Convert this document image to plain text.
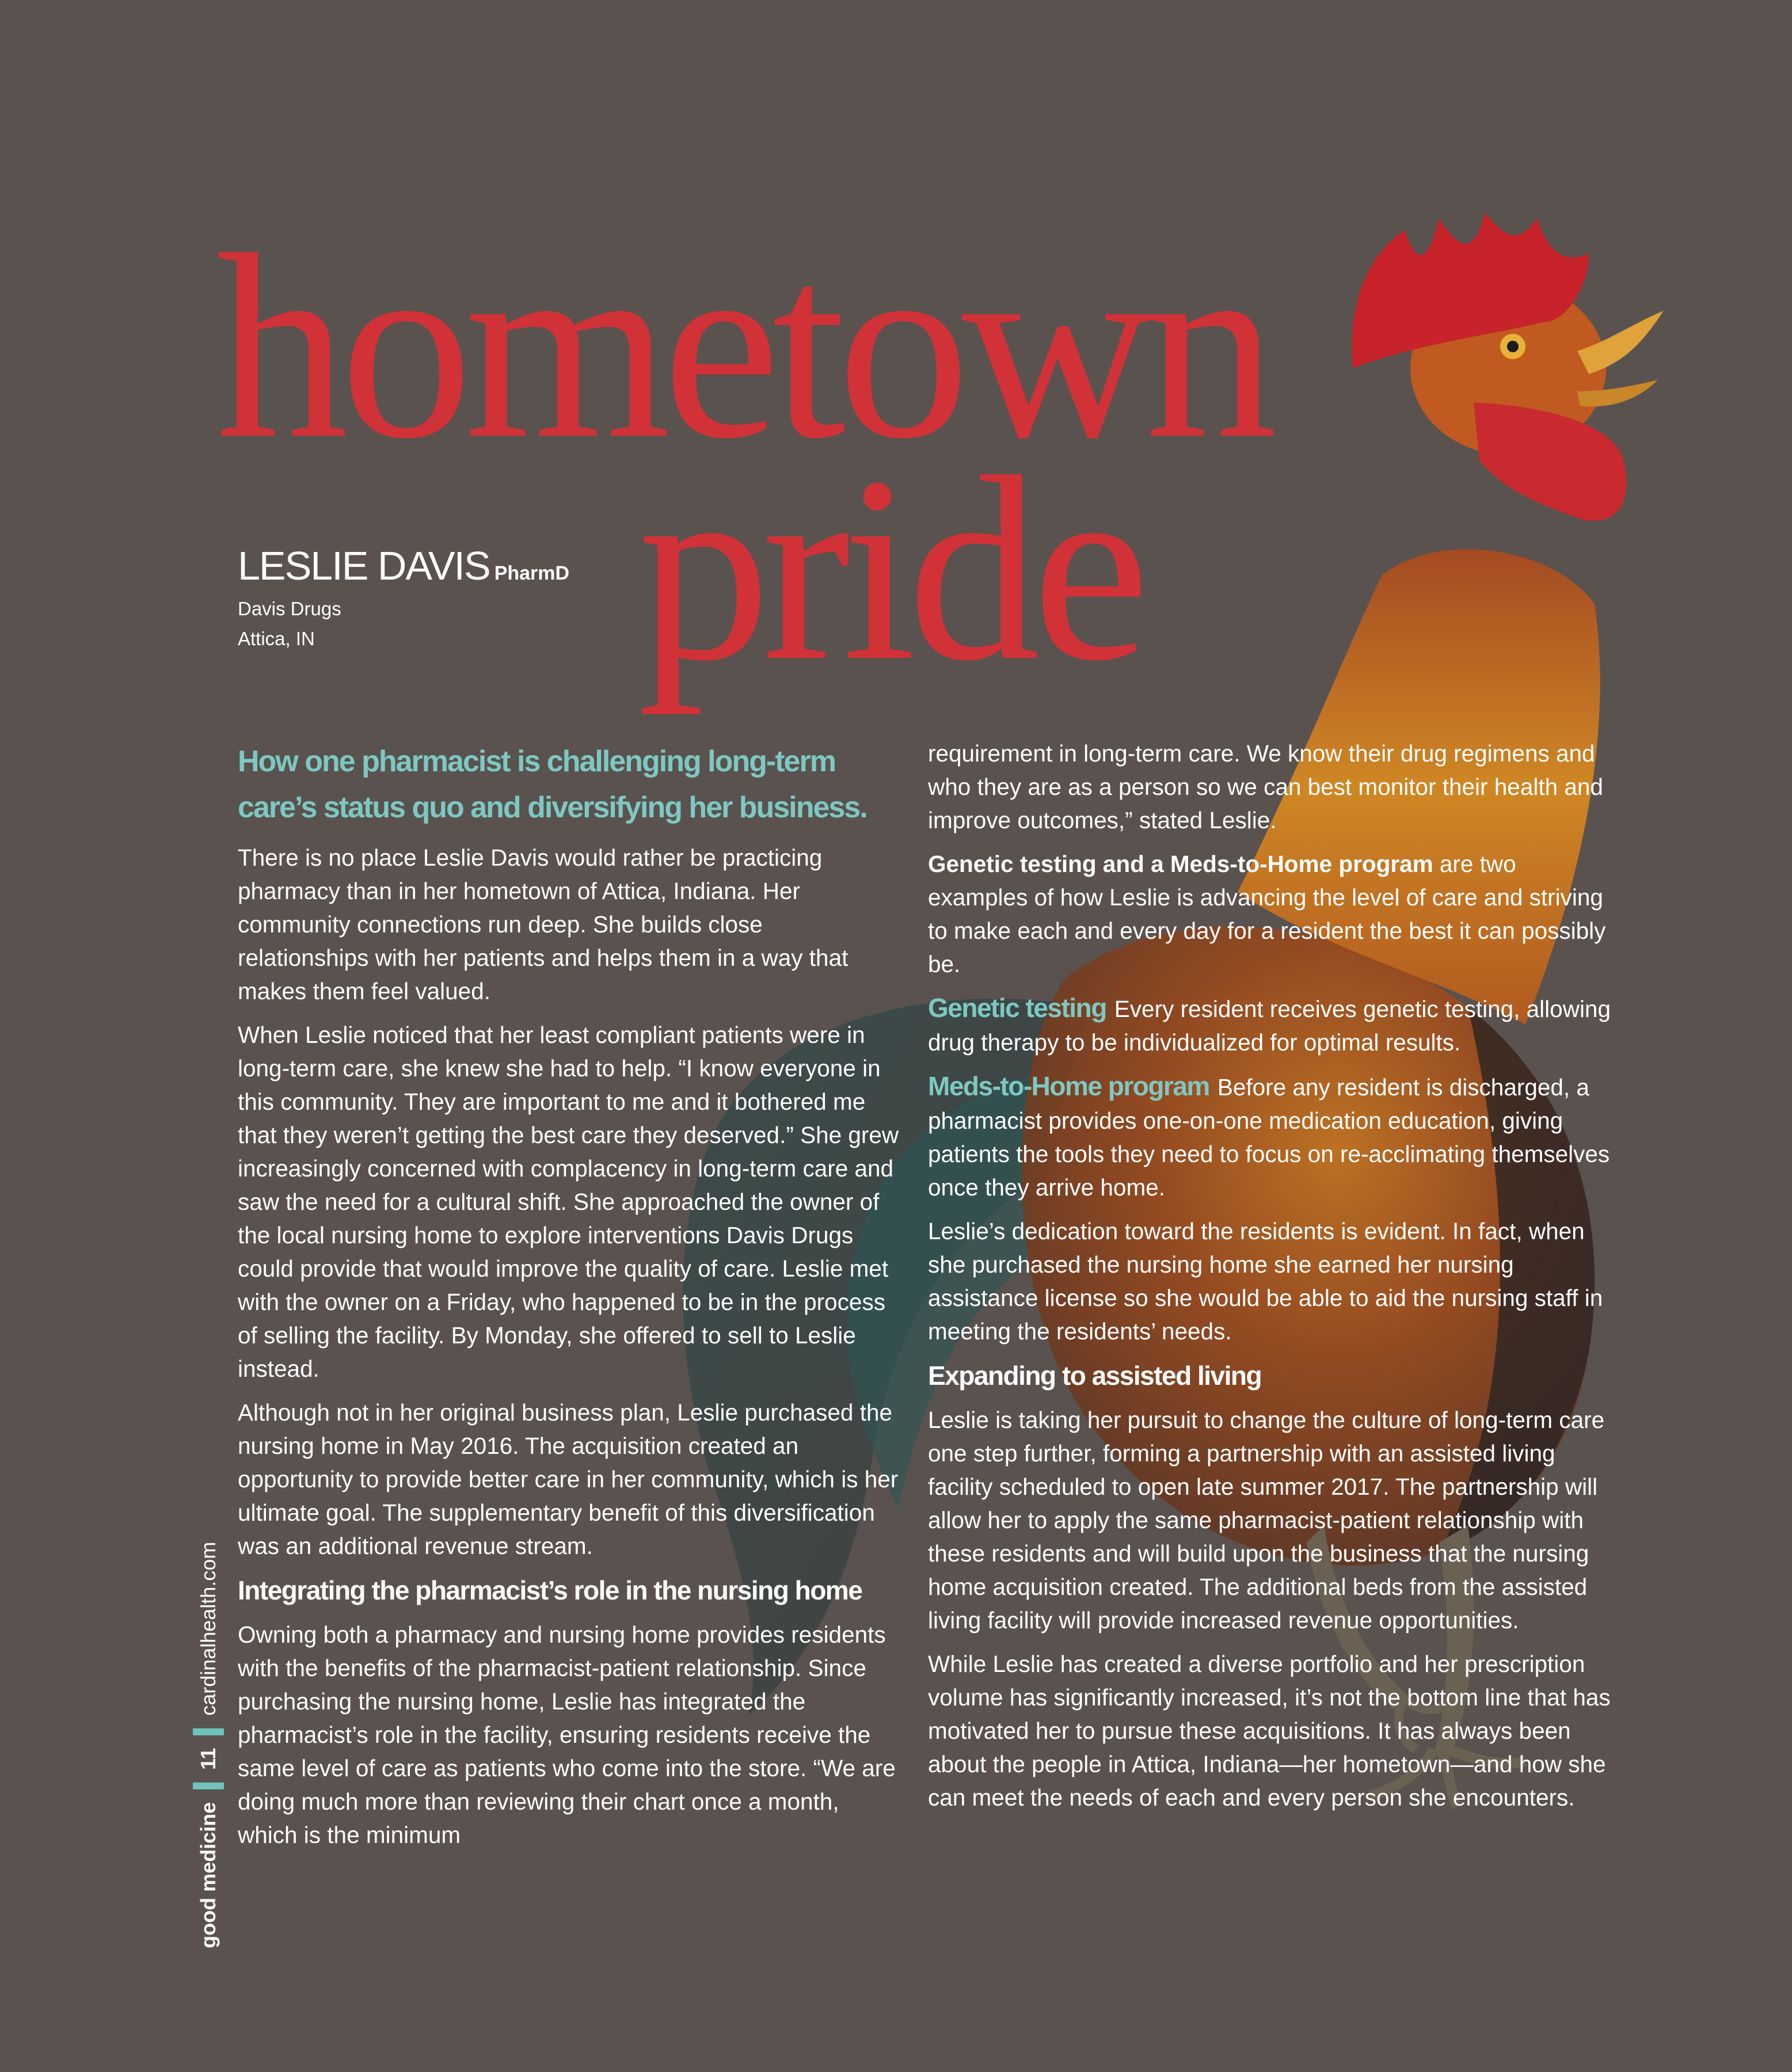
hometown
pride
LESLIE DAVIS PharmD
Davis Drugs
Attica, IN

How one pharmacist is challenging long-term care’s status quo and diversifying her business.

There is no place Leslie Davis would rather be practicing pharmacy than in her hometown of Attica, Indiana. Her community connections run deep. She builds close relationships with her patients and helps them in a way that makes them feel valued.

When Leslie noticed that her least compliant patients were in long-term care, she knew she had to help. “I know everyone in this community. They are important to me and it bothered me that they weren’t getting the best care they deserved.” She grew increasingly concerned with complacency in long-term care and saw the need for a cultural shift. She approached the owner of the local nursing home to explore interventions Davis Drugs could provide that would improve the quality of care. Leslie met with the owner on a Friday, who happened to be in the process of selling the facility. By Monday, she offered to sell to Leslie instead.

Although not in her original business plan, Leslie purchased the nursing home in May 2016. The acquisition created an opportunity to provide better care in her community, which is her ultimate goal. The supplementary benefit of this diversification was an additional revenue stream.

Integrating the pharmacist’s role in the nursing home

Owning both a pharmacy and nursing home provides residents with the benefits of the pharmacist-patient relationship. Since purchasing the nursing home, Leslie has integrated the pharmacist’s role in the facility, ensuring residents receive the same level of care as patients who come into the store. “We are doing much more than reviewing their chart once a month, which is the minimum

requirement in long-term care. We know their drug regimens and who they are as a person so we can best monitor their health and improve outcomes,” stated Leslie.

Genetic testing and a Meds-to-Home program are two examples of how Leslie is advancing the level of care and striving to make each and every day for a resident the best it can possibly be.

Genetic testing Every resident receives genetic testing, allowing drug therapy to be individualized for optimal results.

Meds-to-Home program Before any resident is discharged, a pharmacist provides one-on-one medication education, giving patients the tools they need to focus on re-acclimating themselves once they arrive home.

Leslie’s dedication toward the residents is evident. In fact, when she purchased the nursing home she earned her nursing assistance license so she would be able to aid the nursing staff in meeting the residents’ needs.

Expanding to assisted living

Leslie is taking her pursuit to change the culture of long-term care one step further, forming a partnership with an assisted living facility scheduled to open late summer 2017. The partnership will allow her to apply the same pharmacist-patient relationship with these residents and will build upon the business that the nursing home acquisition created. The additional beds from the assisted living facility will provide increased revenue opportunities.

While Leslie has created a diverse portfolio and her prescription volume has significantly increased, it’s not the bottom line that has motivated her to pursue these acquisitions. It has always been about the people in Attica, Indiana—her hometown—and how she can meet the needs of each and every person she encounters.

good medicine
11
cardinalhealth.com
